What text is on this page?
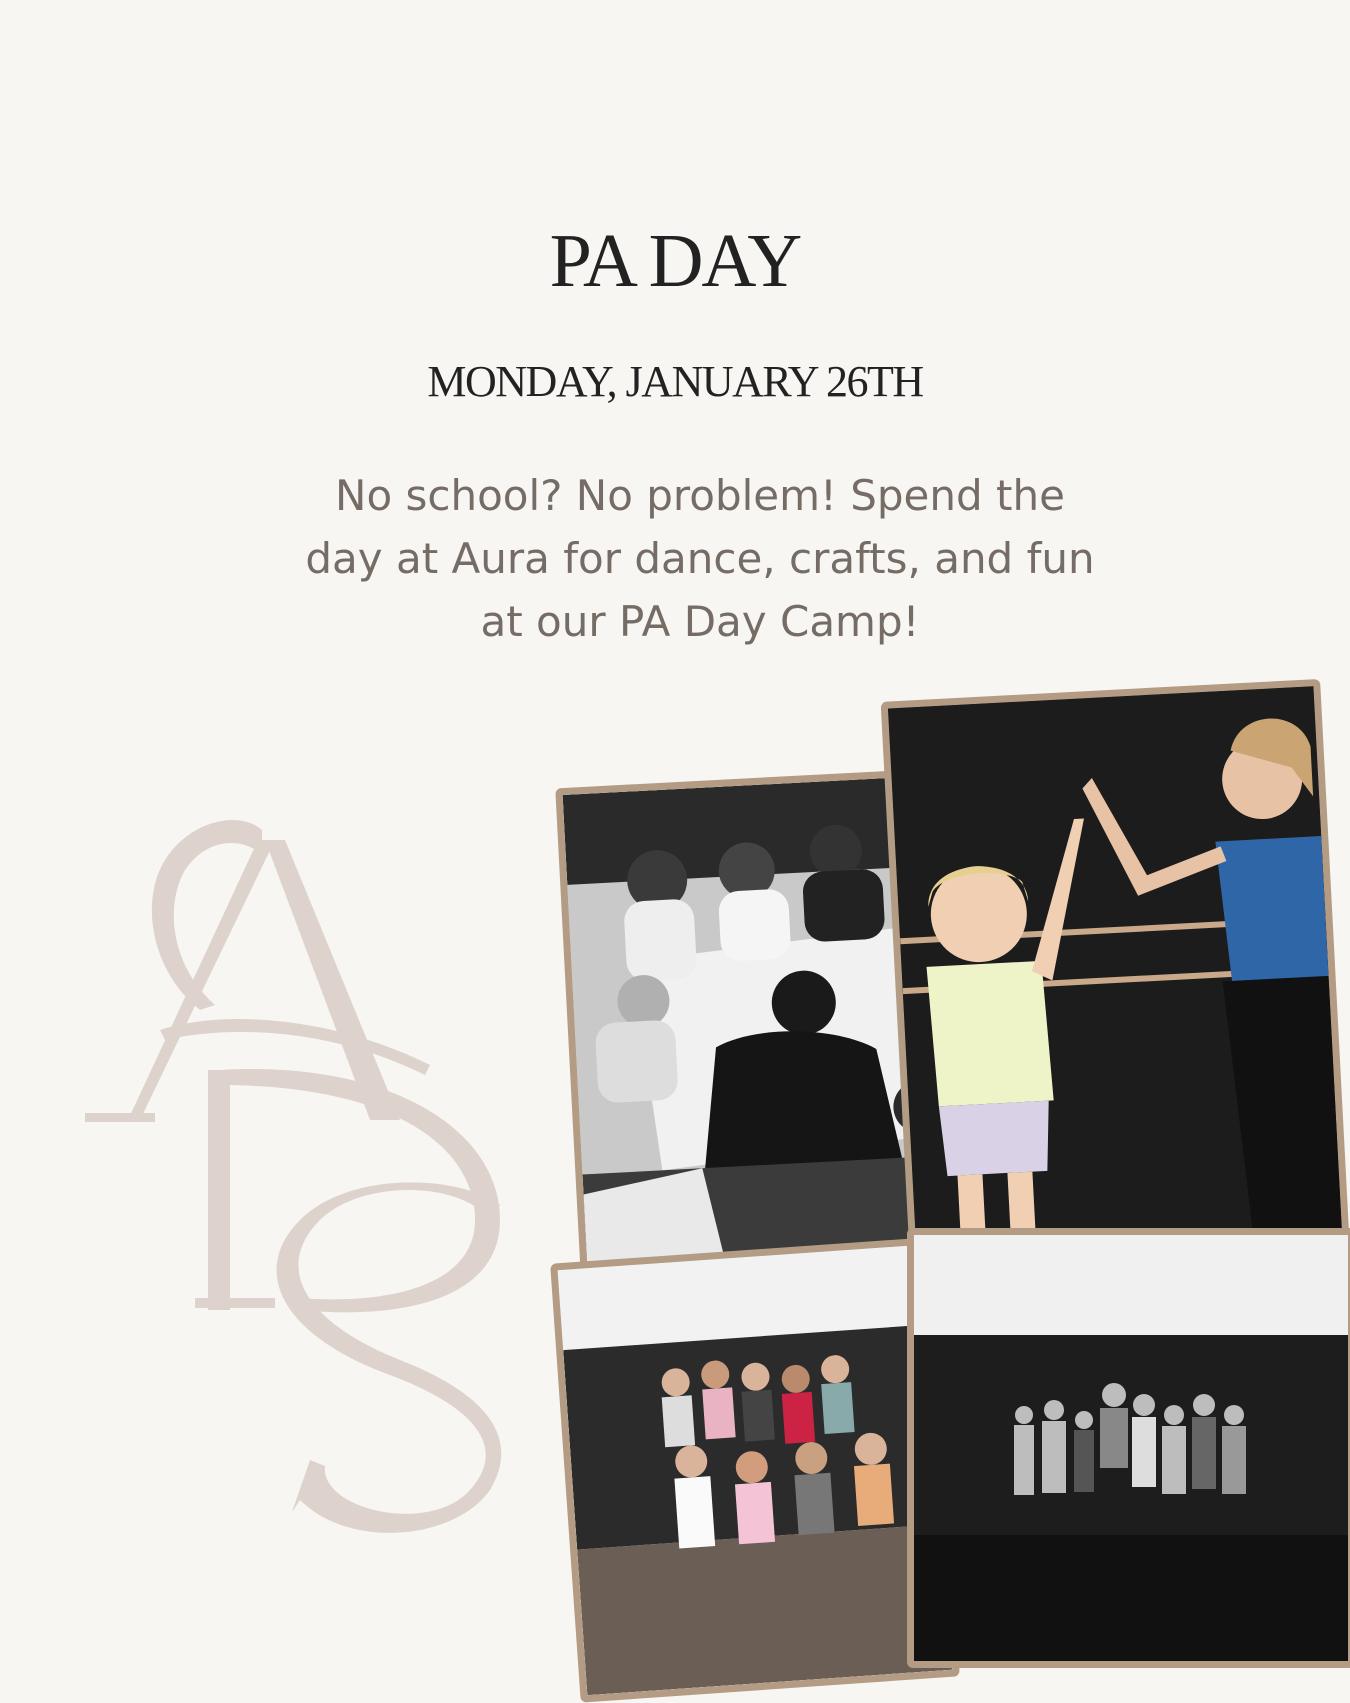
PA DAY
MONDAY, JANUARY 26TH

No school? No problem! Spend the day at Aura for dance, crafts, and fun at our PA Day Camp!
